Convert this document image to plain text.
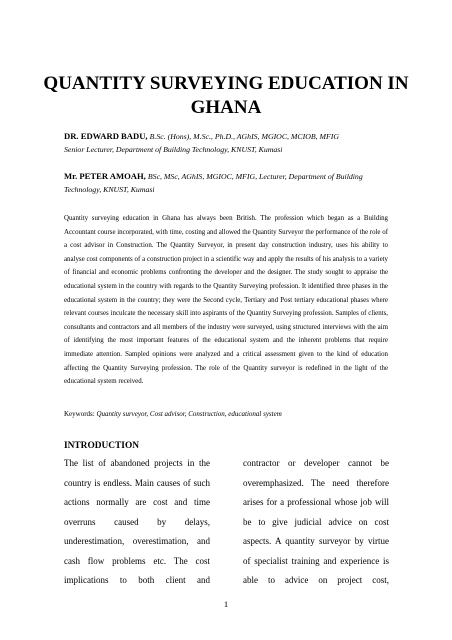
QUANTITY SURVEYING EDUCATION IN GHANA

DR. EDWARD BADU, B.Sc. (Hons), M.Sc., Ph.D., AGhIS, MGIOC, MCIOB, MFIG
Senior Lecturer, Department of Building Technology, KNUST, Kumasi

Mr. PETER AMOAH, BSc, MSc, AGhIS, MGIOC, MFIG, Lecturer, Department of Building Technology, KNUST, Kumasi

Quantity surveying education in Ghana has always been British. The profession which began as a Building Accountant course incorporated, with time, costing and allowed the Quantity Surveyor the performance of the role of a cost advisor in Construction. The Quantity Surveyor, in present day construction industry, uses his ability to analyse cost components of a construction project in a scientific way and apply the results of his analysis to a variety of financial and economic problems confronting the developer and the designer. The study sought to appraise the educational system in the country with regards to the Quantity Surveying profession. It identified three phases in the educational system in the country; they were the Second cycle, Tertiary and Post tertiary educational phases where relevant courses inculcate the necessary skill into aspirants of the Quantity Surveying profession. Samples of clients, consultants and contractors and all members of the industry were surveyed, using structured interviews with the aim of identifying the most important features of the educational system and the inherent problems that require immediate attention. Sampled opinions were analyzed and a critical assessment given to the kind of education affecting the Quantity Surveying profession. The role of the Quantity surveyor is redefined in the light of the educational system received.

Keywords: Quantity surveyor, Cost advisor, Construction, educational system

INTRODUCTION
The list of abandoned projects in the
country is endless. Main causes of such
actions normally are cost and time
overruns caused by delays,
underestimation, overestimation, and
cash flow problems etc. The cost
implications to both client and
contractor or developer cannot be
overemphasized. The need therefore
arises for a professional whose job will
be to give judicial advice on cost
aspects. A quantity surveyor by virtue
of specialist training and experience is
able to advice on project cost,

1
